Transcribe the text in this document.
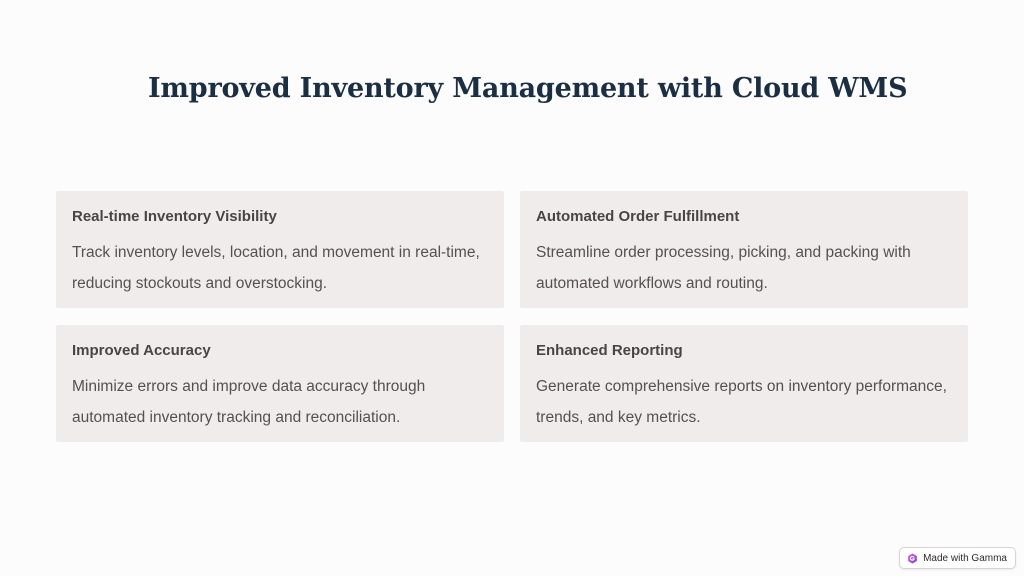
Improved Inventory Management with Cloud WMS
Real-time Inventory Visibility

Track inventory levels, location, and movement in real-time, reducing stockouts and overstocking.

Automated Order Fulfillment

Streamline order processing, picking, and packing with automated workflows and routing.

Improved Accuracy

Minimize errors and improve data accuracy through automated inventory tracking and reconciliation.

Enhanced Reporting

Generate comprehensive reports on inventory performance, trends, and key metrics.

Made with Gamma
